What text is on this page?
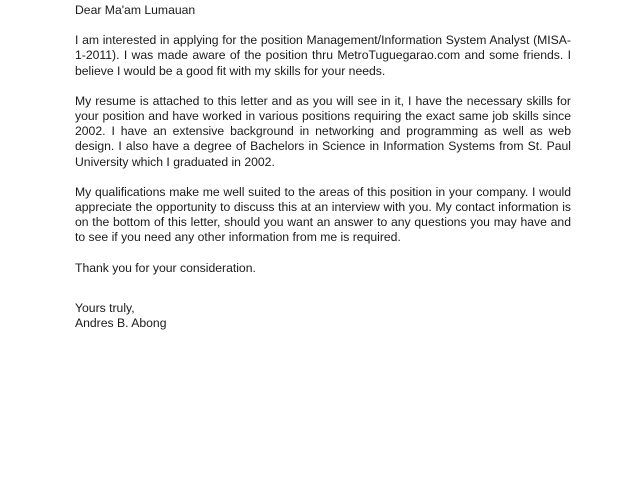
Dear Ma'am Lumauan

I am interested in applying for the position Management/Information System Analyst (MISA-1-2011). I was made aware of the position thru MetroTuguegarao.com and some friends. I believe I would be a good fit with my skills for your needs.

My resume is attached to this letter and as you will see in it, I have the necessary skills for your position and have worked in various positions requiring the exact same job skills since 2002. I have an extensive background in networking and programming as well as web design. I also have a degree of Bachelors in Science in Information Systems from St. Paul University which I graduated in 2002.

My qualifications make me well suited to the areas of this position in your company. I would appreciate the opportunity to discuss this at an interview with you. My contact information is on the bottom of this letter, should you want an answer to any questions you may have and to see if you need any other information from me is required.

Thank you for your consideration.

Yours truly,

Andres B. Abong
